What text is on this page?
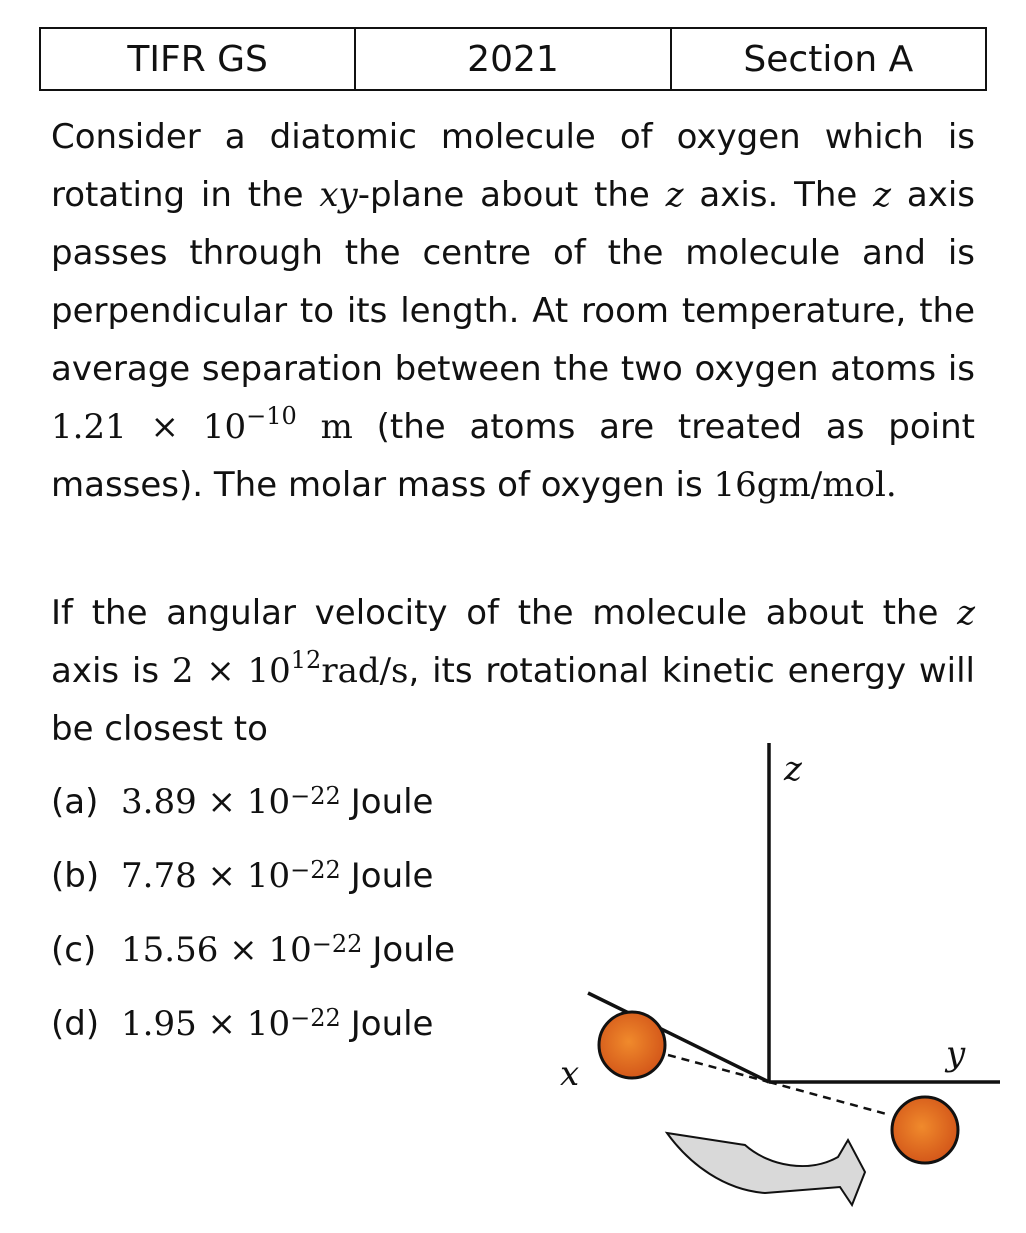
TIFR GS	2021	Section A

Consider a diatomic molecule of oxygen which is rotating in the xy-plane about the z axis. The z axis passes through the centre of the molecule and is perpendicular to its length. At room temperature, the average separation between the two oxygen atoms is $1.21 \times 10^{-10}$ m (the atoms are treated as point masses). The molar mass of oxygen is 16gm/mol.

If the angular velocity of the molecule about the z axis is $2 \times 10^{12}rad/s$, its rotational kinetic energy will be closest to

(a) $3.89 \times 10^{-22}$ Joule
(b) $7.78 \times 10^{-22}$ Joule
(c) $15.56 \times 10^{-22}$ Joule
(d) $1.95 \times 10^{-22}$ Joule
z
x	y
